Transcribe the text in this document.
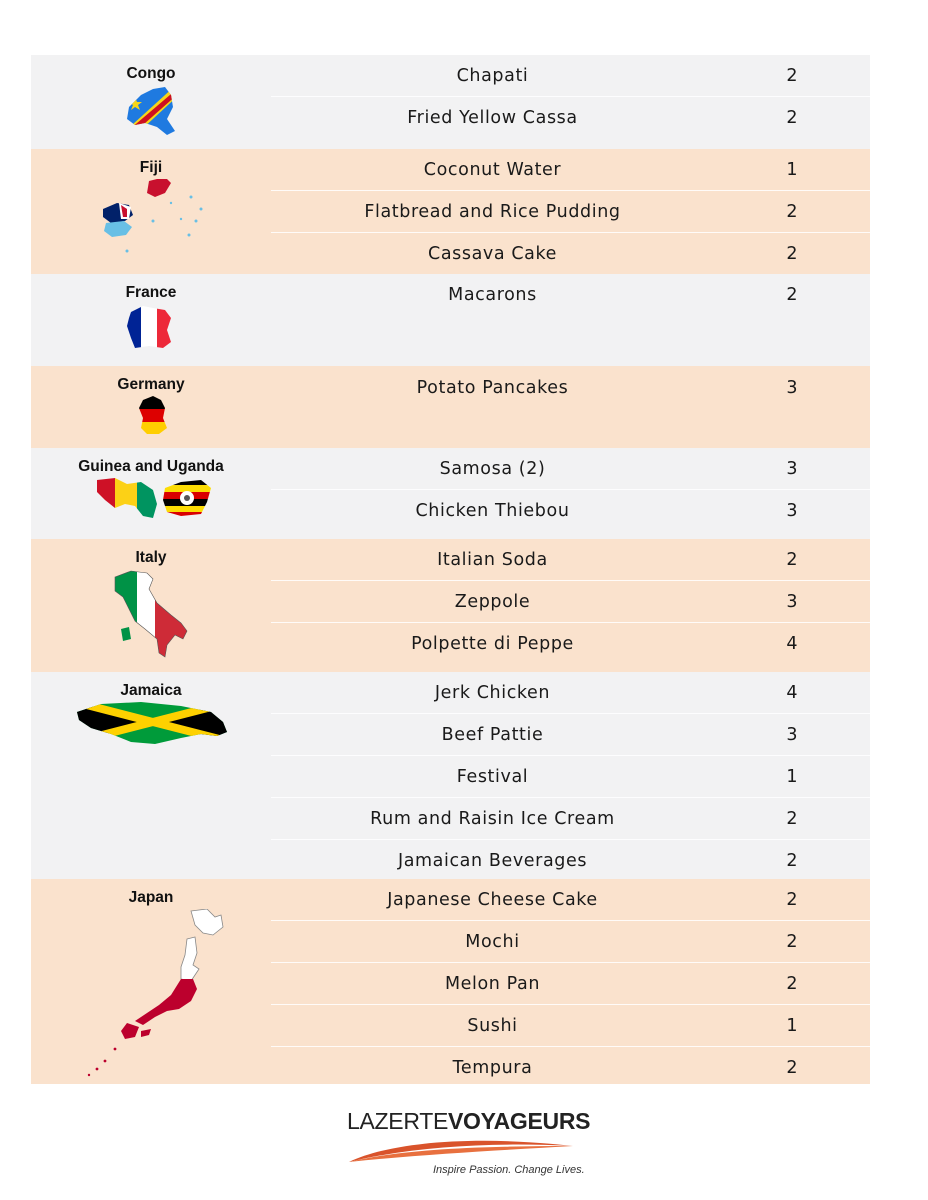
Congo	Chapati	2
Fried Yellow Cassa	2
Fiji	Coconut Water	1
Flatbread and Rice Pudding	2
Cassava Cake	2
France	Macarons	2
Germany	Potato Pancakes	3
Guinea and Uganda	Samosa (2)	3
Chicken Thiebou	3
Italy	Italian Soda	2
Zeppole	3
Polpette di Peppe	4
Jamaica	Jerk Chicken	4
Beef Pattie	3
Festival	1
Rum and Raisin Ice Cream	2
Jamaican Beverages	2
Japan	Japanese Cheese Cake	2
Mochi	2
Melon Pan	2
Sushi	1
Tempura	2
LAZERTEVOYAGEURS
Inspire Passion. Change Lives.
